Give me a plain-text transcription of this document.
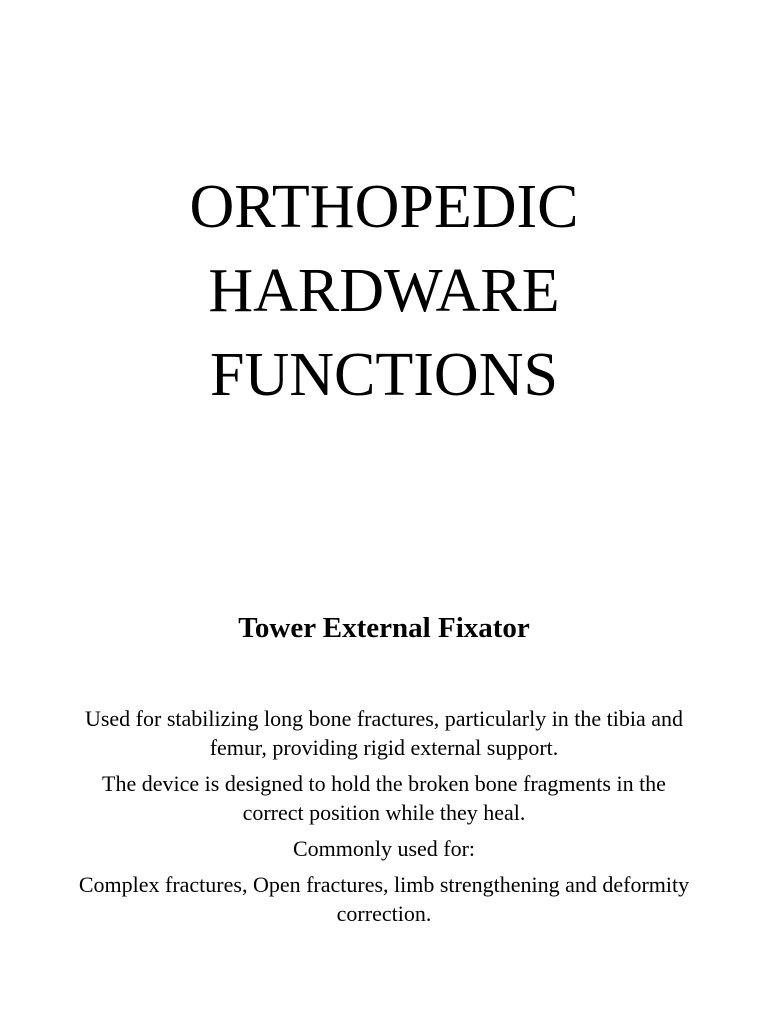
ORTHOPEDIC
HARDWARE
FUNCTIONS
Tower External Fixator

Used for stabilizing long bone fractures, particularly in the tibia and femur, providing rigid external support.

The device is designed to hold the broken bone fragments in the correct position while they heal.

Commonly used for:

Complex fractures, Open fractures, limb strengthening and deformity correction.
